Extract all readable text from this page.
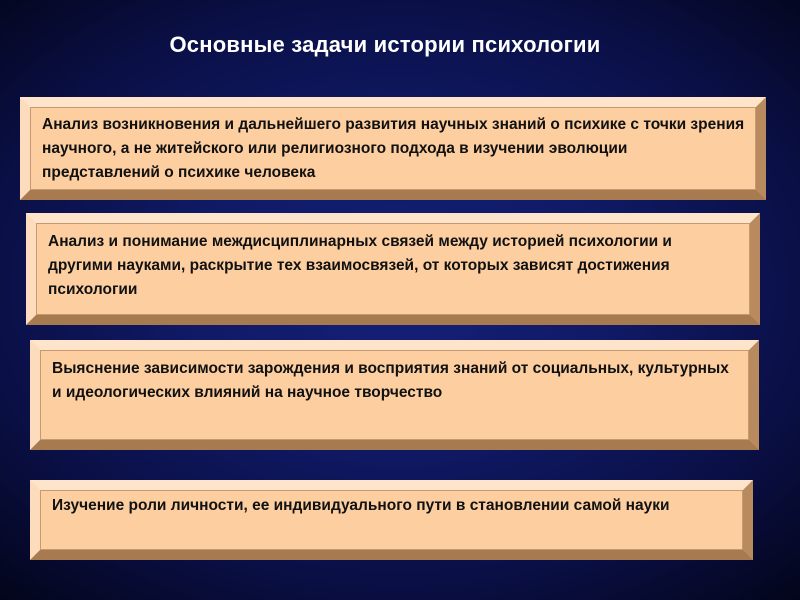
Основные задачи истории психологии

Анализ возникновения и дальнейшего развития научных знаний о психике с точки зрения научного, а не житейского или религиозного подхода в изучении эволюции представлений о психике человека

Анализ и понимание междисциплинарных связей между историей психологии и другими науками, раскрытие тех взаимосвязей, от которых зависят достижения психологии

Выяснение зависимости зарождения и восприятия знаний от социальных, культурных и идеологических влияний на научное творчество

Изучение роли личности, ее индивидуального пути в становлении самой науки
